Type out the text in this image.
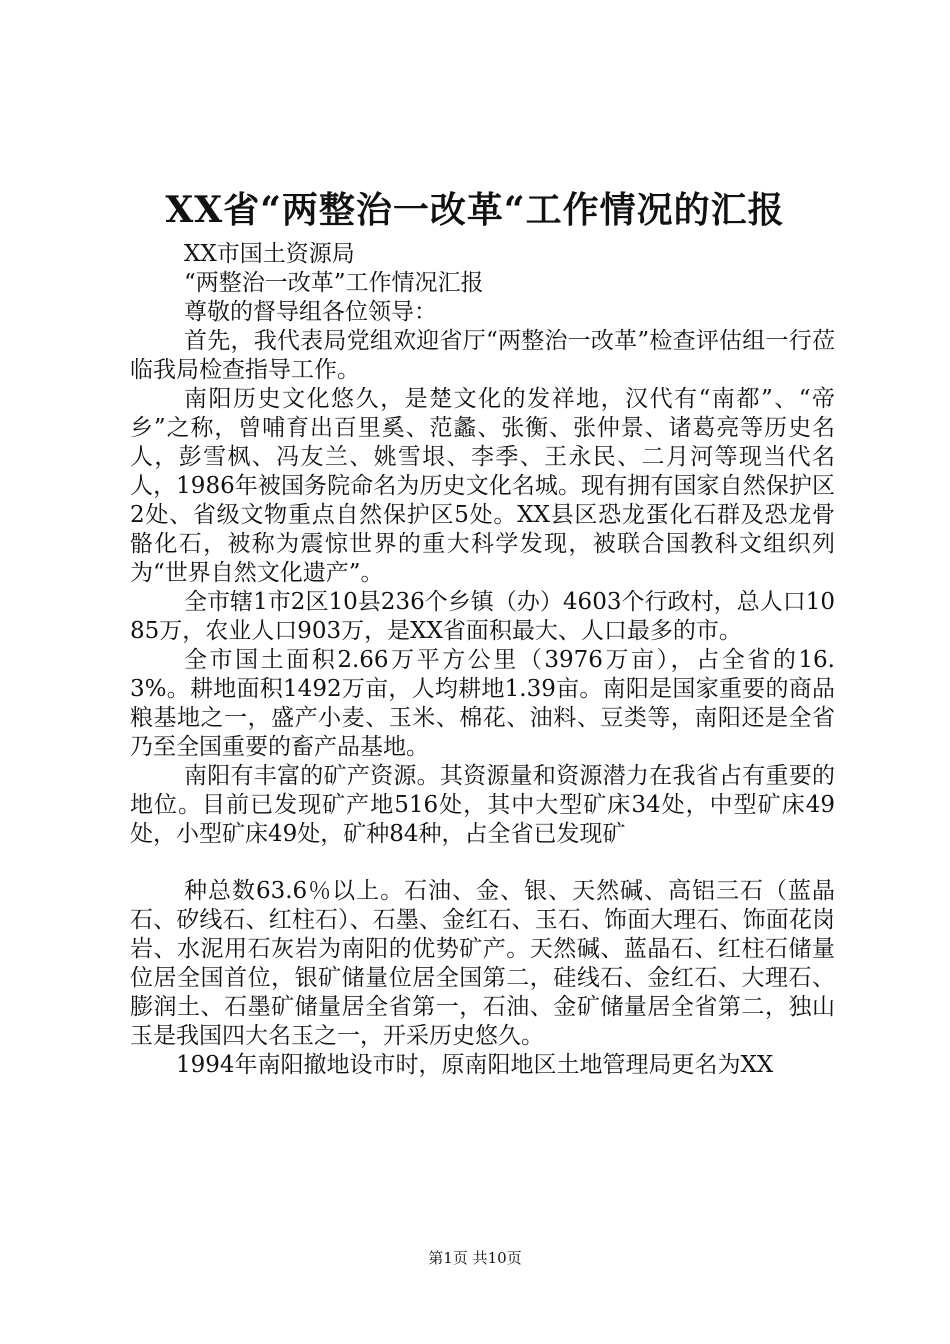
XX省“两整治一改革“工作情况的汇报

XX市国土资源局

“两整治一改革”工作情况汇报

尊敬的督导组各位领导：

首先，我代表局党组欢迎省厅“两整治一改革”检查评估组一行莅临我局检查指导工作。

南阳历史文化悠久，是楚文化的发祥地，汉代有“南都”、“帝乡”之称，曾哺育出百里奚、范蠡、张衡、张仲景、诸葛亮等历史名人，彭雪枫、冯友兰、姚雪垠、李季、王永民、二月河等现当代名人，1986年被国务院命名为历史文化名城。现有拥有国家自然保护区2处、省级文物重点自然保护区5处。XX县区恐龙蛋化石群及恐龙骨骼化石，被称为震惊世界的重大科学发现，被联合国教科文组织列为“世界自然文化遗产”。

全市辖1市2区10县236个乡镇（办）4603个行政村，总人口1085万，农业人口903万，是XX省面积最大、人口最多的市。

全市国土面积2.66万平方公里（3976万亩），占全省的16.3%。耕地面积1492万亩，人均耕地1.39亩。南阳是国家重要的商品粮基地之一，盛产小麦、玉米、棉花、油料、豆类等，南阳还是全省乃至全国重要的畜产品基地。

南阳有丰富的矿产资源。其资源量和资源潜力在我省占有重要的地位。目前已发现矿产地516处，其中大型矿床34处，中型矿床49处，小型矿床49处，矿种84种，占全省已发现矿

种总数63.6％以上。石油、金、银、天然碱、高铝三石（蓝晶石、矽线石、红柱石）、石墨、金红石、玉石、饰面大理石、饰面花岗岩、水泥用石灰岩为南阳的优势矿产。天然碱、蓝晶石、红柱石储量位居全国首位，银矿储量位居全国第二，硅线石、金红石、大理石、膨润土、石墨矿储量居全省第一，石油、金矿储量居全省第二，独山玉是我国四大名玉之一，开采历史悠久。

1994年南阳撤地设市时，原南阳地区土地管理局更名为XX

第1页 共10页
